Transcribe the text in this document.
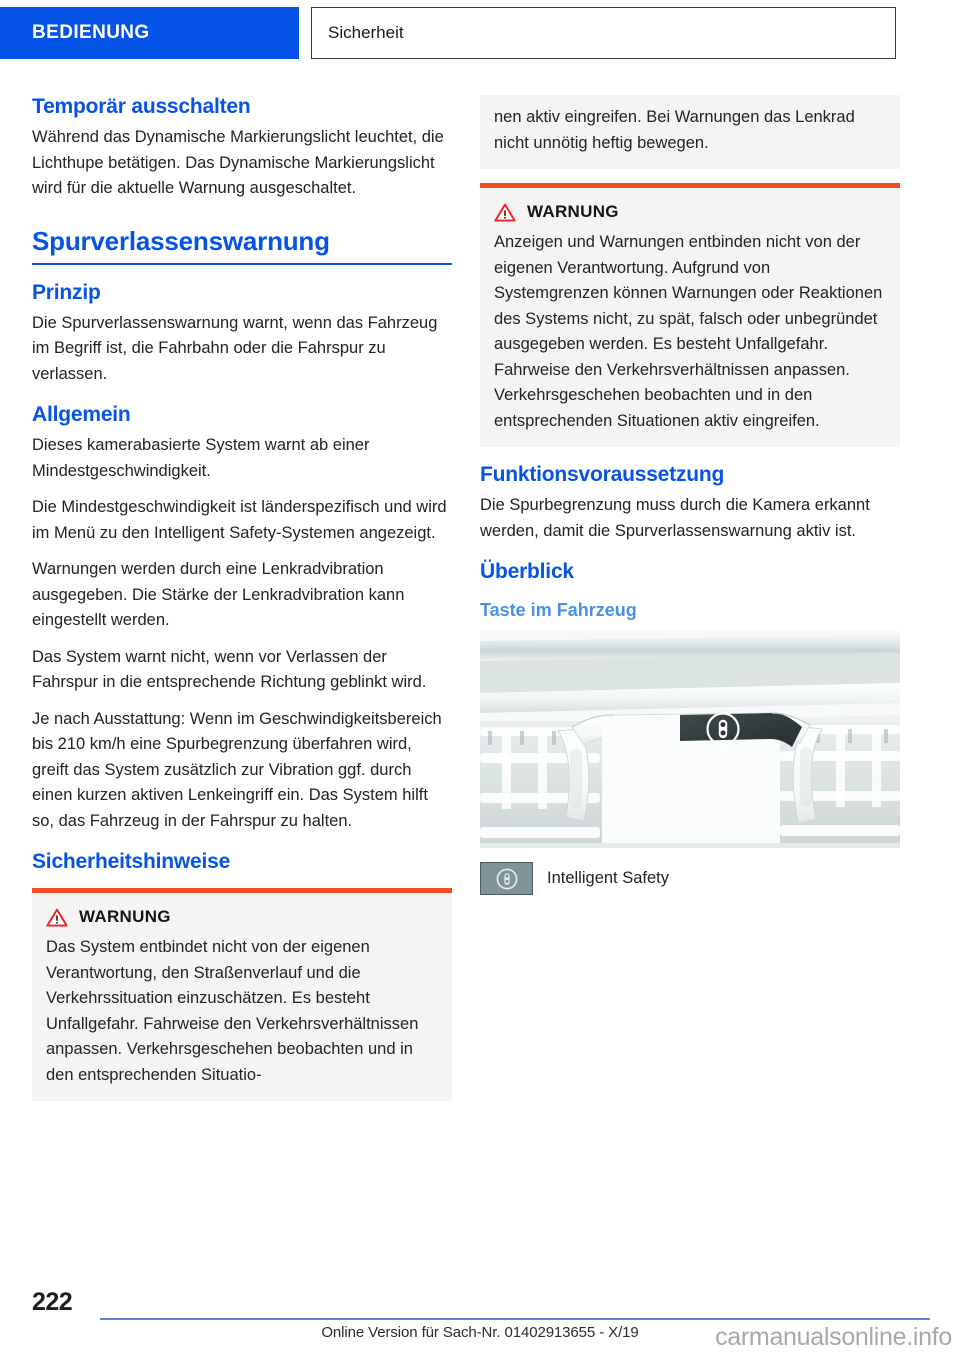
BEDIENUNG	Sicherheit
Temporär ausschalten

Während das Dynamische Markierungslicht leuchtet, die Lichthupe betätigen. Das Dynamische Markierungslicht wird für die aktuelle Warnung ausgeschaltet.

Spurverlassenswarnung
Prinzip

Die Spurverlassenswarnung warnt, wenn das Fahrzeug im Begriff ist, die Fahrbahn oder die Fahrspur zu verlassen.

Allgemein

Dieses kamerabasierte System warnt ab einer Mindestgeschwindigkeit.

Die Mindestgeschwindigkeit ist länderspezifisch und wird im Menü zu den Intelligent Safety-Systemen angezeigt.

Warnungen werden durch eine Lenkradvibration ausgegeben. Die Stärke der Lenkradvibration kann eingestellt werden.

Das System warnt nicht, wenn vor Verlassen der Fahrspur in die entsprechende Richtung geblinkt wird.

Je nach Ausstattung: Wenn im Geschwindigkeitsbereich bis 210 km/h eine Spurbegrenzung überfahren wird, greift das System zusätzlich zur Vibration ggf. durch einen kurzen aktiven Lenkeingriff ein. Das System hilft so, das Fahrzeug in der Fahrspur zu halten.

Sicherheitshinweise
WARNUNG

Das System entbindet nicht von der eigenen Verantwortung, den Straßenverlauf und die Verkehrssituation einzuschätzen. Es besteht Unfallgefahr. Fahrweise den Verkehrsverhältnissen anpassen. Verkehrsgeschehen beobachten und in den entsprechenden Situatio-

nen aktiv eingreifen. Bei Warnungen das Lenkrad nicht unnötig heftig bewegen.

WARNUNG

Anzeigen und Warnungen entbinden nicht von der eigenen Verantwortung. Aufgrund von Systemgrenzen können Warnungen oder Reaktionen des Systems nicht, zu spät, falsch oder unbegründet ausgegeben werden. Es besteht Unfallgefahr. Fahrweise den Verkehrsverhältnissen anpassen. Verkehrsgeschehen beobachten und in den entsprechenden Situationen aktiv eingreifen.

Funktionsvoraussetzung

Die Spurbegrenzung muss durch die Kamera erkannt werden, damit die Spurverlassenswarnung aktiv ist.

Überblick
Taste im Fahrzeug
Intelligent Safety
222
Online Version für Sach-Nr. 01402913655 - X/19	carmanualsonline.info
